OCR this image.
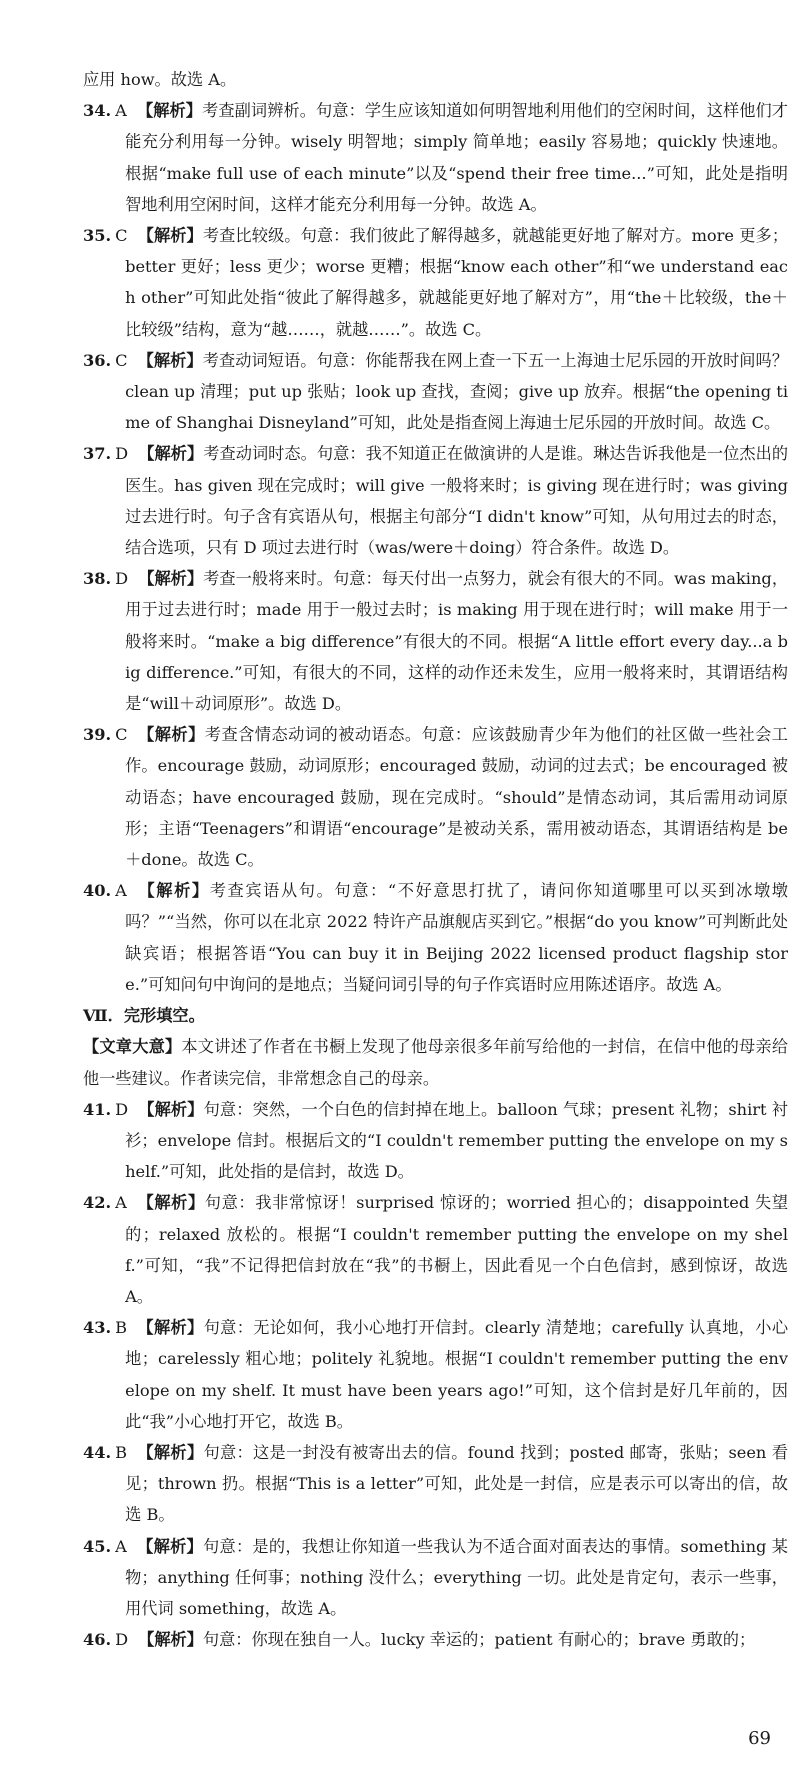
应用 how。故选 A。

34. A 【解析】考查副词辨析。句意：学生应该知道如何明智地利用他们的空闲时间，这样他们才能充分利用每一分钟。wisely 明智地；simply 简单地；easily 容易地；quickly 快速地。根据“make full use of each minute”以及“spend their free time...”可知，此处是指明智地利用空闲时间，这样才能充分利用每一分钟。故选 A。

35. C 【解析】考查比较级。句意：我们彼此了解得越多，就越能更好地了解对方。more 更多；better 更好；less 更少；worse 更糟；根据“know each other”和“we understand each other”可知此处指“彼此了解得越多，就越能更好地了解对方”，用“the＋比较级，the＋比较级”结构，意为“越……，就越……”。故选 C。

36. C 【解析】考查动词短语。句意：你能帮我在网上查一下五一上海迪士尼乐园的开放时间吗？clean up 清理；put up 张贴；look up 查找，查阅；give up 放弃。根据“the opening time of Shanghai Disneyland”可知，此处是指查阅上海迪士尼乐园的开放时间。故选 C。

37. D 【解析】考查动词时态。句意：我不知道正在做演讲的人是谁。琳达告诉我他是一位杰出的医生。has given 现在完成时；will give 一般将来时；is giving 现在进行时；was giving 过去进行时。句子含有宾语从句，根据主句部分“I didn't know”可知，从句用过去的时态，结合选项，只有 D 项过去进行时（was/were＋doing）符合条件。故选 D。

38. D 【解析】考查一般将来时。句意：每天付出一点努力，就会有很大的不同。was making，用于过去进行时；made 用于一般过去时；is making 用于现在进行时；will make 用于一般将来时。“make a big difference”有很大的不同。根据“A little effort every day...a big difference.”可知，有很大的不同，这样的动作还未发生，应用一般将来时，其谓语结构是“will＋动词原形”。故选 D。

39. C 【解析】考查含情态动词的被动语态。句意：应该鼓励青少年为他们的社区做一些社会工作。encourage 鼓励，动词原形；encouraged 鼓励，动词的过去式；be encouraged 被动语态；have encouraged 鼓励，现在完成时。“should”是情态动词，其后需用动词原形；主语“Teenagers”和谓语“encourage”是被动关系，需用被动语态，其谓语结构是 be＋done。故选 C。

40. A 【解析】考查宾语从句。句意：“不好意思打扰了，请问你知道哪里可以买到冰墩墩吗？”“当然，你可以在北京 2022 特许产品旗舰店买到它。”根据“do you know”可判断此处缺宾语；根据答语“You can buy it in Beijing 2022 licensed product flagship store.”可知问句中询问的是地点；当疑问词引导的句子作宾语时应用陈述语序。故选 A。

Ⅶ．完形填空。

【文章大意】本文讲述了作者在书橱上发现了他母亲很多年前写给他的一封信，在信中他的母亲给他一些建议。作者读完信，非常想念自己的母亲。

41. D 【解析】句意：突然，一个白色的信封掉在地上。balloon 气球；present 礼物；shirt 衬衫；envelope 信封。根据后文的“I couldn't remember putting the envelope on my shelf.”可知，此处指的是信封，故选 D。

42. A 【解析】句意：我非常惊讶！surprised 惊讶的；worried 担心的；disappointed 失望的；relaxed 放松的。根据“I couldn't remember putting the envelope on my shelf.”可知，“我”不记得把信封放在“我”的书橱上，因此看见一个白色信封，感到惊讶，故选 A。

43. B 【解析】句意：无论如何，我小心地打开信封。clearly 清楚地；carefully 认真地，小心地；carelessly 粗心地；politely 礼貌地。根据“I couldn't remember putting the envelope on my shelf. It must have been years ago!”可知，这个信封是好几年前的，因此“我”小心地打开它，故选 B。

44. B 【解析】句意：这是一封没有被寄出去的信。found 找到；posted 邮寄，张贴；seen 看见；thrown 扔。根据“This is a letter”可知，此处是一封信，应是表示可以寄出的信，故选 B。

45. A 【解析】句意：是的，我想让你知道一些我认为不适合面对面表达的事情。something 某物；anything 任何事；nothing 没什么；everything 一切。此处是肯定句，表示一些事，用代词 something，故选 A。

46. D 【解析】句意：你现在独自一人。lucky 幸运的；patient 有耐心的；brave 勇敢的；

69
